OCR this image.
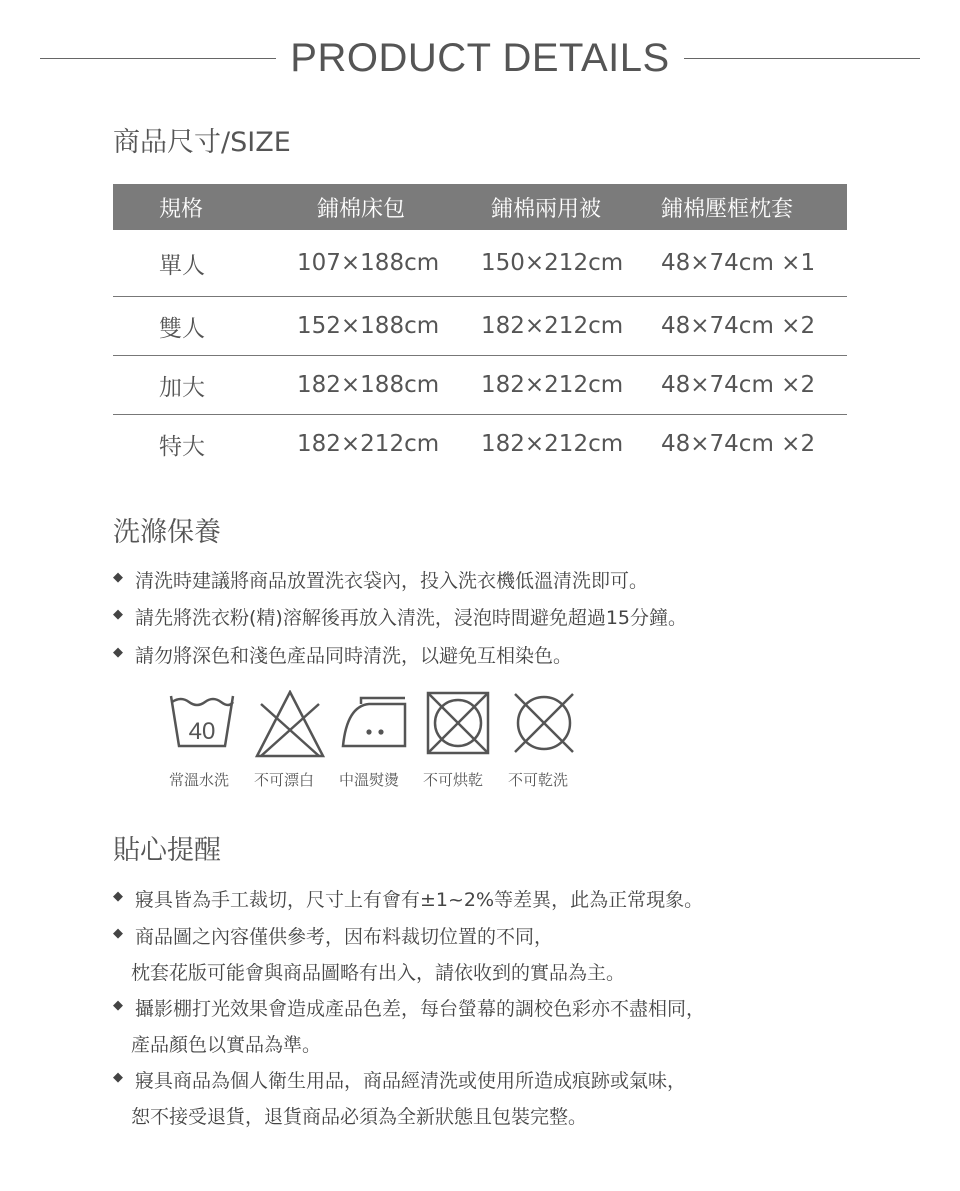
PRODUCT DETAILS
商品尺寸/SIZE
規格	鋪棉床包	鋪棉兩用被	鋪棉壓框枕套
單人	107×188cm 150×212cm 48×74cm ×1
雙人	152×188cm 182×212cm 48×74cm ×2
加大	182×188cm 182×212cm 48×74cm ×2
特大	182×212cm 182×212cm 48×74cm ×2
洗滌保養
◆ 清洗時建議將商品放置洗衣袋內，投入洗衣機低溫清洗即可。
◆ 請先將洗衣粉(精)溶解後再放入清洗，浸泡時間避免超過15分鐘。
◆ 請勿將深色和淺色產品同時清洗，以避免互相染色。
40
常溫水洗 不可漂白 中溫熨燙 不可烘乾 不可乾洗
貼心提醒
◆ 寢具皆為手工裁切，尺寸上有會有±1~2%等差異，此為正常現象。
◆ 商品圖之內容僅供參考，因布料裁切位置的不同，
枕套花版可能會與商品圖略有出入，請依收到的實品為主。
◆ 攝影棚打光效果會造成產品色差，每台螢幕的調校色彩亦不盡相同，
產品顏色以實品為準。
◆ 寢具商品為個人衛生用品，商品經清洗或使用所造成痕跡或氣味，
恕不接受退貨，退貨商品必須為全新狀態且包裝完整。
